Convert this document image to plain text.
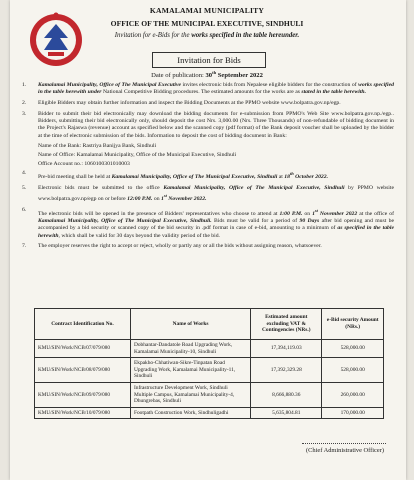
KAMALAMAI MUNICIPALITY
OFFICE OF THE MUNICIPAL EXECUTIVE, SINDHULI
Invitation for e-Bids for the works specified in the table hereunder.
Invitation for Bids
Date of publication: 30th September 2022
1.	Kamalamai Municipality, Office of The Municipal Executive invites electronic bids from Nepalese eligible bidders for the construction of works specified in the table herewith under National Competitive Bidding procedures. The estimated amounts for the works are as stated in the table herewith.
2.	Eligible Bidders may obtain further information and inspect the Bidding Documents at the PPMO website www.bolpatra.gov.np/egp.
3.	Bidder to submit their bid electronically may download the bidding documents for e-submission from PPMO's Web Site www.bolpatra.gov.np./egp.. Bidders, submitting their bid electronically only, should deposit the cost Nrs. 3,000.00 (Nrs. Three Thousands) of non-refundable of bidding document in the Project's Rajaswa (revenue) account as specified below and the scanned copy (pdf format) of the Bank deposit voucher shall be uploaded by the bidder at the time of electronic submission of the bids. Information to deposit the cost of bidding document in Bank:
Name of the Bank: Rastriya Banijya Bank, Sindhuli
Name of Office: Kamalamai Municipality, Office of the Municipal Executive, Sindhuli
Office Account no.: 1060100301010003
4.
Pre-bid meeting shall be held at Kamalamai Municipality, Office of The Municipal Executive, Sindhuli at 18th October 2022.
5.	Electronic bids must be submitted to the office Kamalamai Municipality, Office of The Municipal Executive, Sindhuli by PPMO website www.bolpatra.gov.np/egp on or before 12:00 P.M. on 1st November 2022.
6.
The electronic bids will be opened in the presence of Bidders' representatives who choose to attend at 1:00 P.M. on 1st November 2022 at the office of Kamalamai Municipality, Office of The Municipal Executive, Sindhuli. Bids must be valid for a period of 90 Days after bid opening and must be accompanied by a bid security or scanned copy of the bid security in .pdf format in case of e-bid, amounting to a minimum of as specified in the table herewith, which shall be valid for 30 days beyond the validity period of the bid.
7.	The employer reserves the right to accept or reject, wholly or partly any or all the bids without assigning reason, whatsoever.
Contract Identification No.	Name of Works	Estimated amount excluding VAT & Contingencies (NRs.)	e-Bid security Amount (NRs.)
KMU/SIN/Work/NCB/07/079/080	Dobhantar-Dandatole Road Upgrading Work, Kamalamai Municipality-10, Sindhuli	17,394,119.03	528,000.00
KMU/SIN/Work/NCB/08/079/080	Ekpakho-Chhatiwan-Sikre-Tinpatan Road Upgrading Work, Kamalamai Municipality-11, Sindhuli	17,392,329.28	528,000.00
KMU/SIN/Work/NCB/09/079/080	Infrastructure Development Work, Sindhuli Multiple Campus, Kamalamai Municipality-4, Dhungrebas, Sindhuli	8,666,880.36	260,000.00
KMU/SIN/Work/NCB/10/079/080	Footpath Construction Work, Sindhuligadhi	5,635,804.81	170,000.00
(Chief Administrative Officer)
